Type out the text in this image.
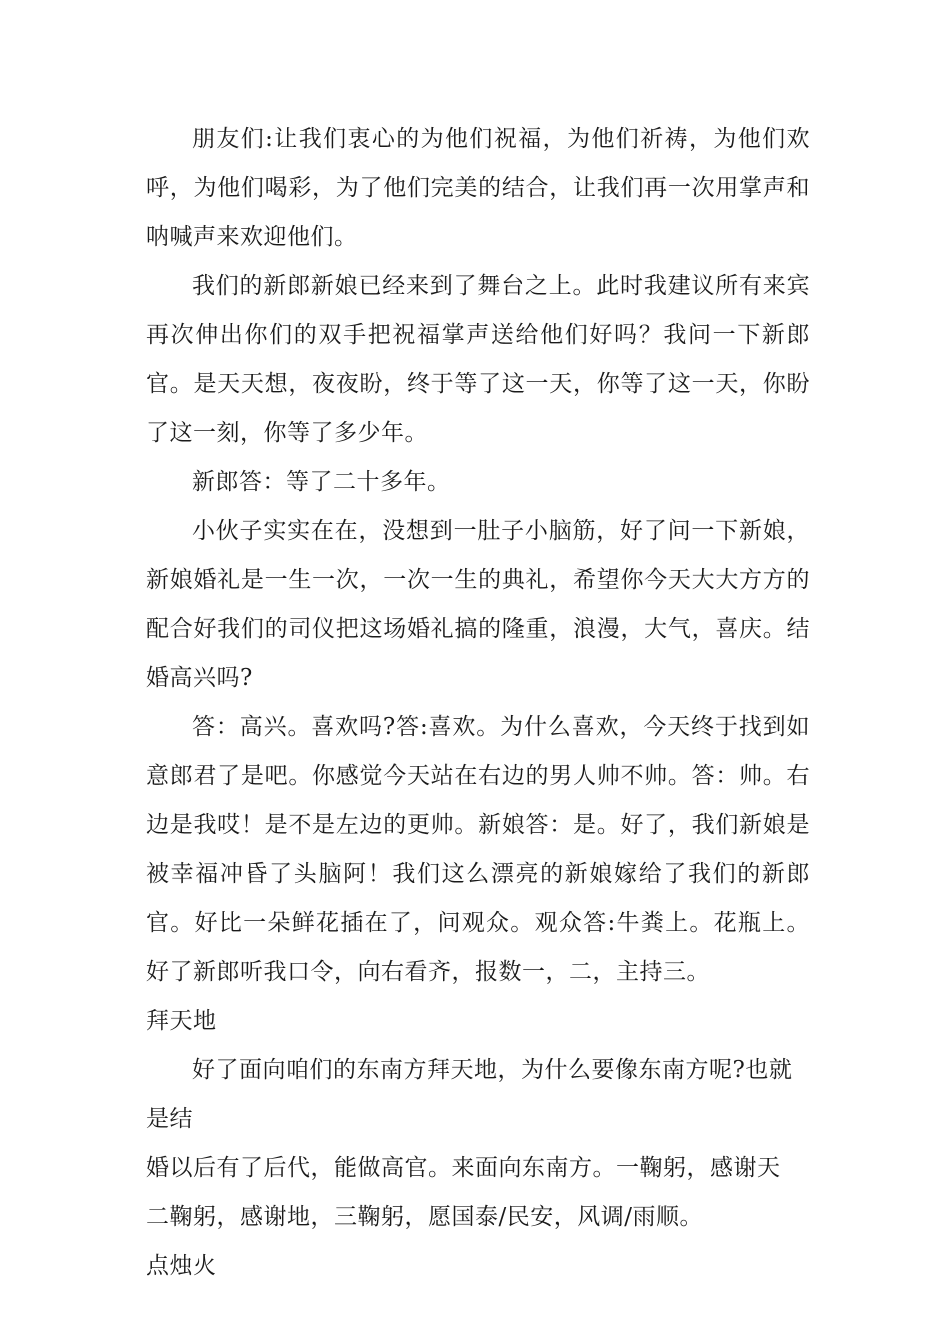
朋友们:让我们衷心的为他们祝福，为他们祈祷，为他们欢呼，为他们喝彩，为了他们完美的结合，让我们再一次用掌声和呐喊声来欢迎他们。

我们的新郎新娘已经来到了舞台之上。此时我建议所有来宾再次伸出你们的双手把祝福掌声送给他们好吗？我问一下新郎官。是天天想，夜夜盼，终于等了这一天，你等了这一天，你盼了这一刻，你等了多少年。

新郎答：等了二十多年。

小伙子实实在在，没想到一肚子小脑筋，好了问一下新娘，新娘婚礼是一生一次，一次一生的典礼，希望你今天大大方方的配合好我们的司仪把这场婚礼搞的隆重，浪漫，大气，喜庆。结婚高兴吗?

答：高兴。喜欢吗?答:喜欢。为什么喜欢，今天终于找到如意郎君了是吧。你感觉今天站在右边的男人帅不帅。答：帅。右边是我哎！是不是左边的更帅。新娘答：是。好了，我们新娘是被幸福冲昏了头脑阿！我们这么漂亮的新娘嫁给了我们的新郎官。好比一朵鲜花插在了，问观众。观众答:牛粪上。花瓶上。好了新郎听我口令，向右看齐，报数一，二，主持三。

拜天地

好了面向咱们的东南方拜天地，为什么要像东南方呢?也就是结

婚以后有了后代，能做高官。来面向东南方。一鞠躬，感谢天

二鞠躬，感谢地，三鞠躬，愿国泰/民安，风调/雨顺。

点烛火
